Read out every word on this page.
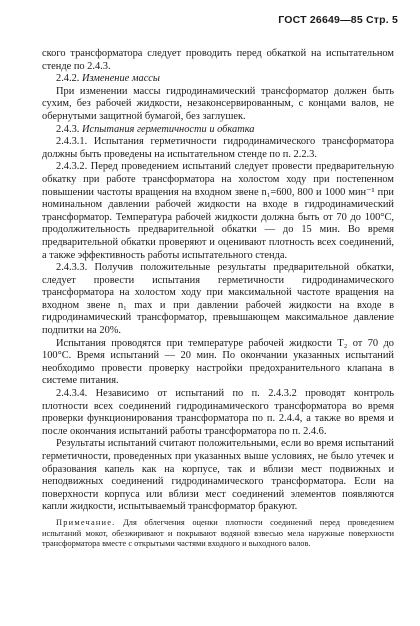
ГОСТ 26649—85 Стр. 5

ского трансформатора следует проводить перед обкаткой на испытательном стенде по 2.4.3.

2.4.2. Изменение массы

При изменении массы гидродинамический трансформатор должен быть сухим, без рабочей жидкости, незаконсервированным, с концами валов, не обернутыми защитной бумагой, без заглушек.

2.4.3. Испытания герметичности и обкатка

2.4.3.1. Испытания герметичности гидродинамического трансформатора должны быть проведены на испытательном стенде по п. 2.2.3.

2.4.3.2. Перед проведением испытаний следует провести предварительную обкатку при работе трансформатора на холостом ходу при постепенном повышении частоты вращения на входном звене n₁=600, 800 и 1000 мин⁻¹ при номинальном давлении рабочей жидкости на входе в гидродинамический трансформатор. Температура рабочей жидкости должна быть от 70 до 100°С, продолжительность предварительной обкатки — до 15 мин. Во время предварительной обкатки проверяют и оценивают плотность всех соединений, а также эффективность работы испытательного стенда.

2.4.3.3. Получив положительные результаты предварительной обкатки, следует провести испытания герметичности гидродинамического трансформатора на холостом ходу при максимальной частоте вращения на входном звене n₁ max и при давлении рабочей жидкости на входе в гидродинамический трансформатор, превышающем максимальное давление подпитки на 20%.

Испытания проводятся при температуре рабочей жидкости T₂ от 70 до 100°С. Время испытаний — 20 мин. По окончании указанных испытаний необходимо провести проверку настройки предохранительного клапана в системе питания.

2.4.3.4. Независимо от испытаний по п. 2.4.3.2 проводят контроль плотности всех соединений гидродинамического трансформатора во время проверки функционирования трансформатора по п. 2.4.4, а также во время и после окончания испытаний работы трансформатора по п. 2.4.6.

Результаты испытаний считают положительными, если во время испытаний герметичности, проведенных при указанных выше условиях, не было утечек и образования капель как на корпусе, так и вблизи мест подвижных и неподвижных соединений гидродинамического трансформатора. Если на поверхности корпуса или вблизи мест соединений элементов появляются капли жидкости, испытываемый трансформатор бракуют.

Примечание. Для облегчения оценки плотности соединений перед проведением испытаний мокот, обезжиривают и покрывают водяной взвесью мела наружные поверхности трансформатора вместе с открытыми частями входного и выходного валов.
